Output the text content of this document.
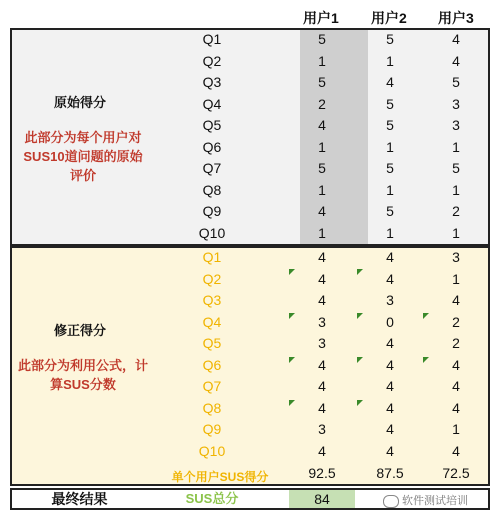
用户1 用户2 用户3
原始得分
此部分为每个用户对SUS10道问题的原始评价
Q1	5	5	4
Q2	1	1	4
Q3	5	4	5
Q4	2	5	3
Q5	4	5	3
Q6	1	1	1
Q7	5	5	5
Q8	1	1	1
Q9	4	5	2
Q10	1	1	1
修正得分
此部分为利用公式，计算SUS分数
Q1	4	4	3
Q2	4	4	1
Q3	4	3	4
Q4	3	0	2
Q5	3	4	2
Q6	4	4	4
Q7	4	4	4
Q8	4	4	4
Q9	3	4	1
Q10	4	4	4
单个用户SUS得分	92.5	87.5	72.5
最终结果	SUS总分	84	软件测试培训
